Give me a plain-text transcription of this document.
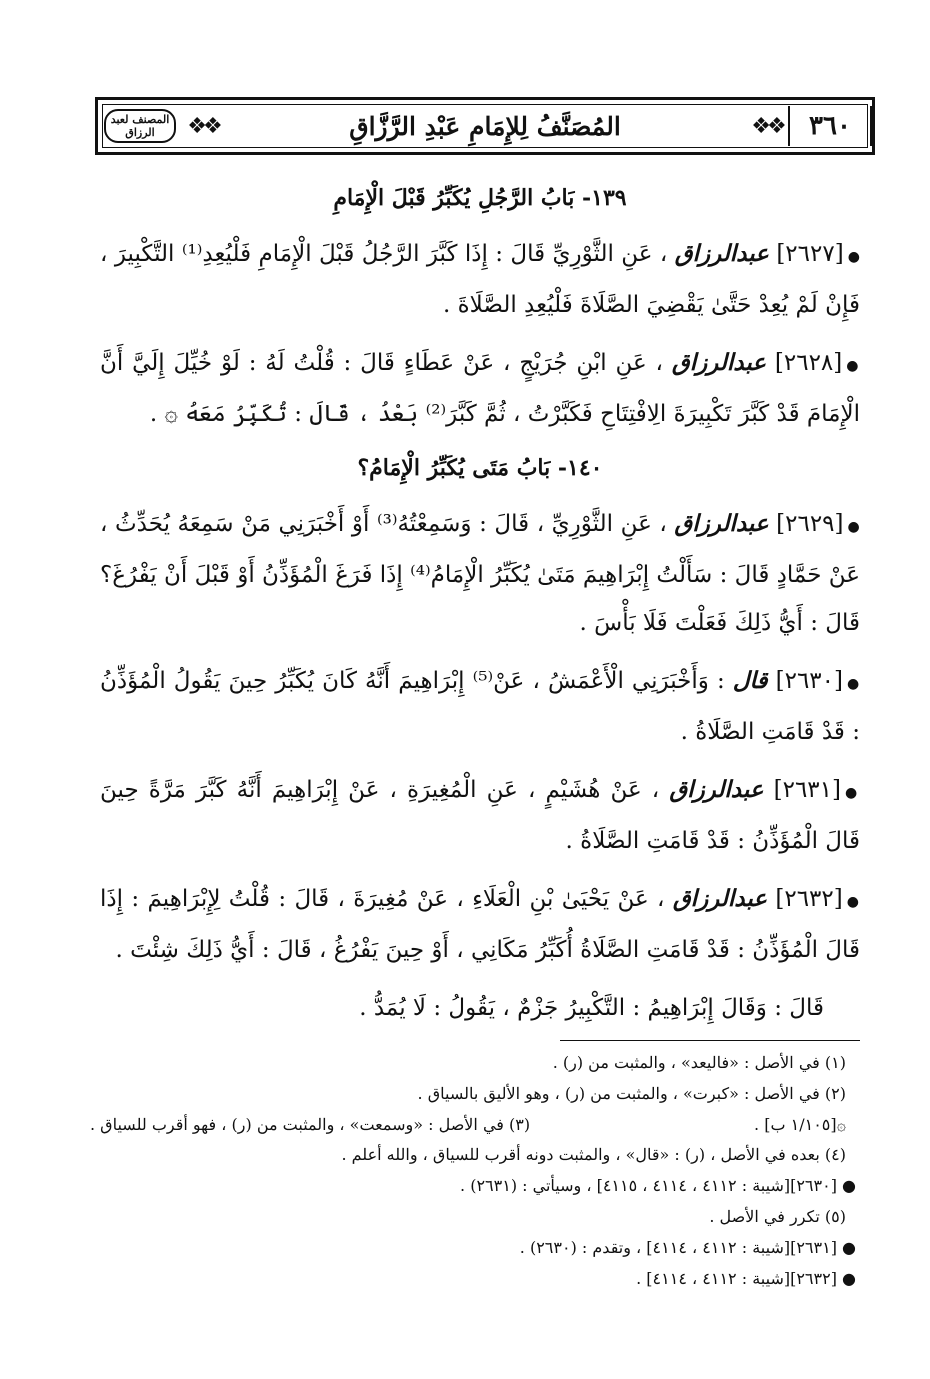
المصنف لعبد الرزاق	❖❖	المُصَنَّفُ لِلإِمَامِ عَبْدِ الرَّزَّاقِ	❖❖	٣٦٠
١٣٩- بَابُ الرَّجُلِ يُكَبِّرُ قَبْلَ الْإِمَامِ

●[٢٦٢٧] عبدالرزاق ، عَنِ الثَّوْرِيِّ قَالَ : إِذَا كَبَّرَ الرَّجُلُ قَبْلَ الْإِمَامِ فَلْيُعِدِ⁽¹⁾ التَّكْبِيرَ ، فَإِنْ لَمْ يُعِدْ حَتَّىٰ يَقْضِيَ الصَّلَاةَ فَلْيُعِدِ الصَّلَاةَ .

●[٢٦٢٨] عبدالرزاق ، عَنِ ابْنِ جُرَيْجٍ ، عَنْ عَطَاءٍ قَالَ : قُلْتُ لَهُ : لَوْ خُيِّلَ إِلَيَّ أَنَّ الْإِمَامَ قَدْ كَبَّرَ تَكْبِيرَةَ الِافْتِتَاحِ فَكَبَّرْتُ ، ثُمَّ كَبَّرَ⁽²⁾ بَعْدُ ، قَالَ : تُكَبِّرُ مَعَهُ ۞ .

١٤٠- بَابُ مَتَى يُكَبِّرُ الْإِمَامُ؟

●[٢٦٢٩] عبدالرزاق ، عَنِ الثَّوْرِيِّ ، قَالَ : وَسَمِعْتُهُ⁽³⁾ أَوْ أَخْبَرَنِي مَنْ سَمِعَهُ يُحَدِّثُ ، عَنْ حَمَّادٍ قَالَ : سَأَلْتُ إِبْرَاهِيمَ مَتَىٰ يُكَبِّرُ الْإِمَامُ⁽⁴⁾ إِذَا فَرَغَ الْمُؤَذِّنُ أَوْ قَبْلَ أَنْ يَفْرُغَ؟ قَالَ : أَيُّ ذَلِكَ فَعَلْتَ فَلَا بَأْسَ .

●[٢٦٣٠] قال : وَأَخْبَرَنِي الْأَعْمَشُ ، عَنْ⁽⁵⁾ إِبْرَاهِيمَ أَنَّهُ كَانَ يُكَبِّرُ حِينَ يَقُولُ الْمُؤَذِّنُ : قَدْ قَامَتِ الصَّلَاةُ .

●[٢٦٣١] عبدالرزاق ، عَنْ هُشَيْمٍ ، عَنِ الْمُغِيرَةِ ، عَنْ إِبْرَاهِيمَ أَنَّهُ كَبَّرَ مَرَّةً حِينَ قَالَ الْمُؤَذِّنُ : قَدْ قَامَتِ الصَّلَاةُ .

●[٢٦٣٢] عبدالرزاق ، عَنْ يَحْيَىٰ بْنِ الْعَلَاءِ ، عَنْ مُغِيرَةَ ، قَالَ : قُلْتُ لِإِبْرَاهِيمَ : إِذَا قَالَ الْمُؤَذِّنُ : قَدْ قَامَتِ الصَّلَاةُ أُكَبِّرُ مَكَانِي ، أَوْ حِينَ يَفْرُغُ ، قَالَ : أَيُّ ذَلِكَ شِئْتَ .

قَالَ : وَقَالَ إِبْرَاهِيمُ : التَّكْبِيرُ جَزْمٌ ، يَقُولُ : لَا يُمَدُّ .

(١) في الأصل : «فاليعد» ، والمثبت من (ر) .
(٢) في الأصل : «كبرت» ، والمثبت من (ر) ، وهو الأليق بالسياق .
۞[١/١٠٥ ب] .
(٣) في الأصل : «وسمعت» ، والمثبت من (ر) ، فهو أقرب للسياق .
(٤) بعده في الأصل ، (ر) : «قال» ، والمثبت دونه أقرب للسياق ، والله أعلم .
● [٢٦٣٠][شيبة : ٤١١٢ ، ٤١١٤ ، ٤١١٥] ، وسيأتي : (٢٦٣١) .
(٥) تكرر في الأصل .
● [٢٦٣١][شيبة : ٤١١٢ ، ٤١١٤] ، وتقدم : (٢٦٣٠) .
● [٢٦٣٢][شيبة : ٤١١٢ ، ٤١١٤] .
